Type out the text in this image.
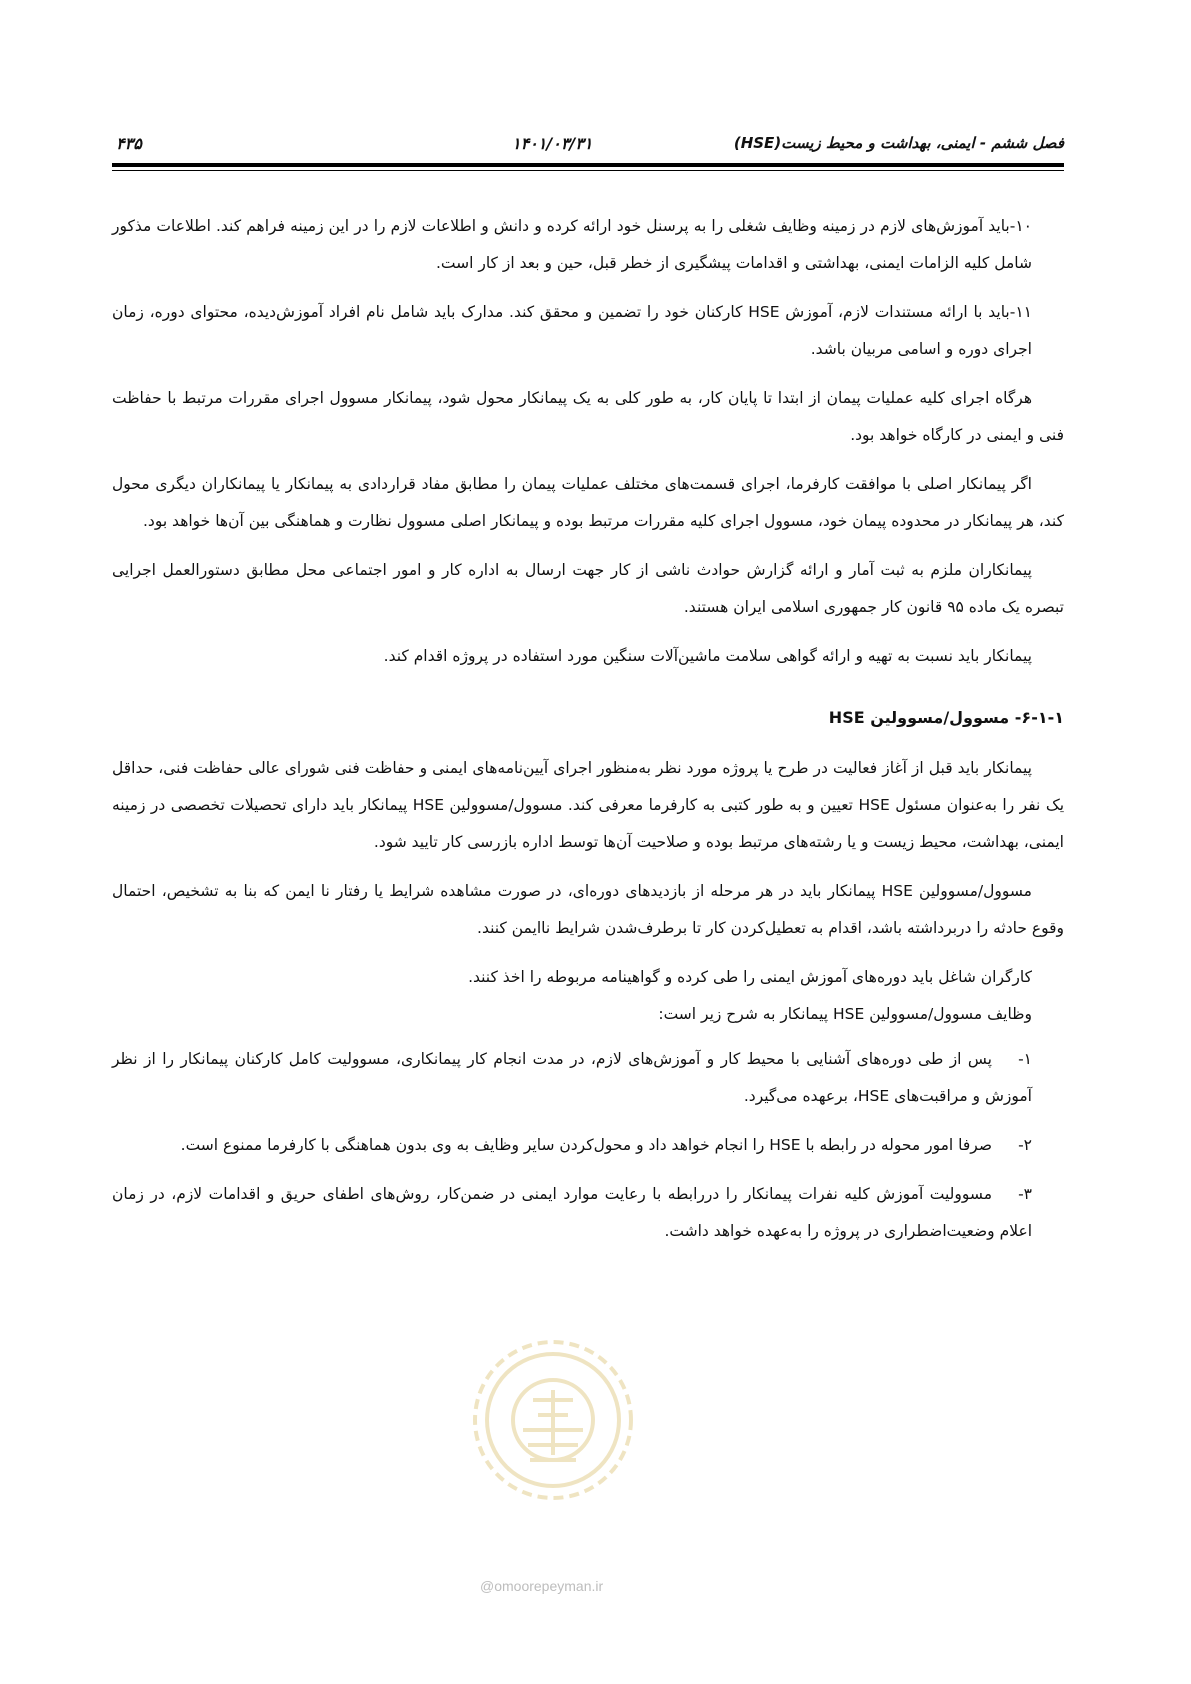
فصل ششم - ایمنی، بهداشت و محیط زیست(HSE)
۱۴۰۱/۰۳/۳۱
۴۳۵

۱۰-باید آموزش‌های لازم در زمینه وظایف شغلی را به پرسنل خود ارائه کرده و دانش و اطلاعات لازم را در این زمینه فراهم کند. اطلاعات مذکور شامل کلیه الزامات ایمنی، بهداشتی و اقدامات پیشگیری از خطر قبل، حین و بعد از کار است.

۱۱-باید با ارائه مستندات لازم، آموزش HSE کارکنان خود را تضمین و محقق کند. مدارک باید شامل نام افراد آموزش‌دیده، محتوای دوره، زمان اجرای دوره و اسامی مربیان باشد.

هرگاه اجرای کلیه عملیات پیمان از ابتدا تا پایان کار، به طور کلی به یک پیمانکار محول شود، پیمانکار مسوول اجرای مقررات مرتبط با حفاظت فنی و ایمنی در کارگاه خواهد بود.

اگر پیمانکار اصلی با موافقت کارفرما، اجرای قسمت‌های مختلف عملیات پیمان را مطابق مفاد قراردادی به پیمانکار یا پیمانکاران دیگری محول کند، هر پیمانکار در محدوده پیمان خود، مسوول اجرای کلیه مقررات مرتبط بوده و پیمانکار اصلی مسوول نظارت و هماهنگی بین آن‌ها خواهد بود.

پیمانکاران ملزم به ثبت آمار و ارائه گزارش حوادث ناشی از کار جهت ارسال به اداره کار و امور اجتماعی محل مطابق دستورالعمل اجرایی تبصره یک ماده ۹۵ قانون کار جمهوری اسلامی ایران هستند.

پیمانکار باید نسبت به تهیه و ارائه گواهی سلامت ماشین‌آلات سنگین مورد استفاده در پروژه اقدام کند.

۶-۱-۱- مسوول/مسوولین HSE

پیمانکار باید قبل از آغاز فعالیت در طرح یا پروژه مورد نظر به‌منظور اجرای آیین‌نامه‌های ایمنی و حفاظت فنی شورای عالی حفاظت فنی، حداقل یک نفر را به‌عنوان مسئول HSE تعیین و به طور کتبی به کارفرما معرفی کند. مسوول/مسوولین HSE پیمانکار باید دارای تحصیلات تخصصی در زمینه ایمنی، بهداشت، محیط زیست و یا رشته‌های مرتبط بوده و صلاحیت آن‌ها توسط اداره بازرسی کار تایید شود.

مسوول/مسوولین HSE پیمانکار باید در هر مرحله از بازدیدهای دوره‌ای، در صورت مشاهده شرایط یا رفتار نا ایمن که بنا به تشخیص، احتمال وقوع حادثه را دربرداشته باشد، اقدام به تعطیل‌کردن کار تا برطرف‌شدن شرایط ناایمن کنند.

کارگران شاغل باید دوره‌های آموزش ایمنی را طی کرده و گواهینامه مربوطه را اخذ کنند.

وظایف مسوول/مسوولین HSE پیمانکار به شرح زیر است:

۱-پس از طی دوره‌های آشنایی با محیط کار و آموزش‌های لازم، در مدت انجام کار پیمانکاری، مسوولیت کامل کارکنان پیمانکار را از نظر آموزش و مراقبت‌های HSE، برعهده می‌گیرد.

۲-صرفا امور محوله در رابطه با HSE را انجام خواهد داد و محول‌کردن سایر وظایف به وی بدون هماهنگی با کارفرما ممنوع است.

۳-مسوولیت آموزش کلیه نفرات پیمانکار را دررابطه با رعایت موارد ایمنی در ضمن‌کار، روش‌های اطفای حریق و اقدامات لازم، در زمان اعلام وضعیت‌اضطراری در پروژه را به‌عهده خواهد داشت.

@omoorepeyman.ir
